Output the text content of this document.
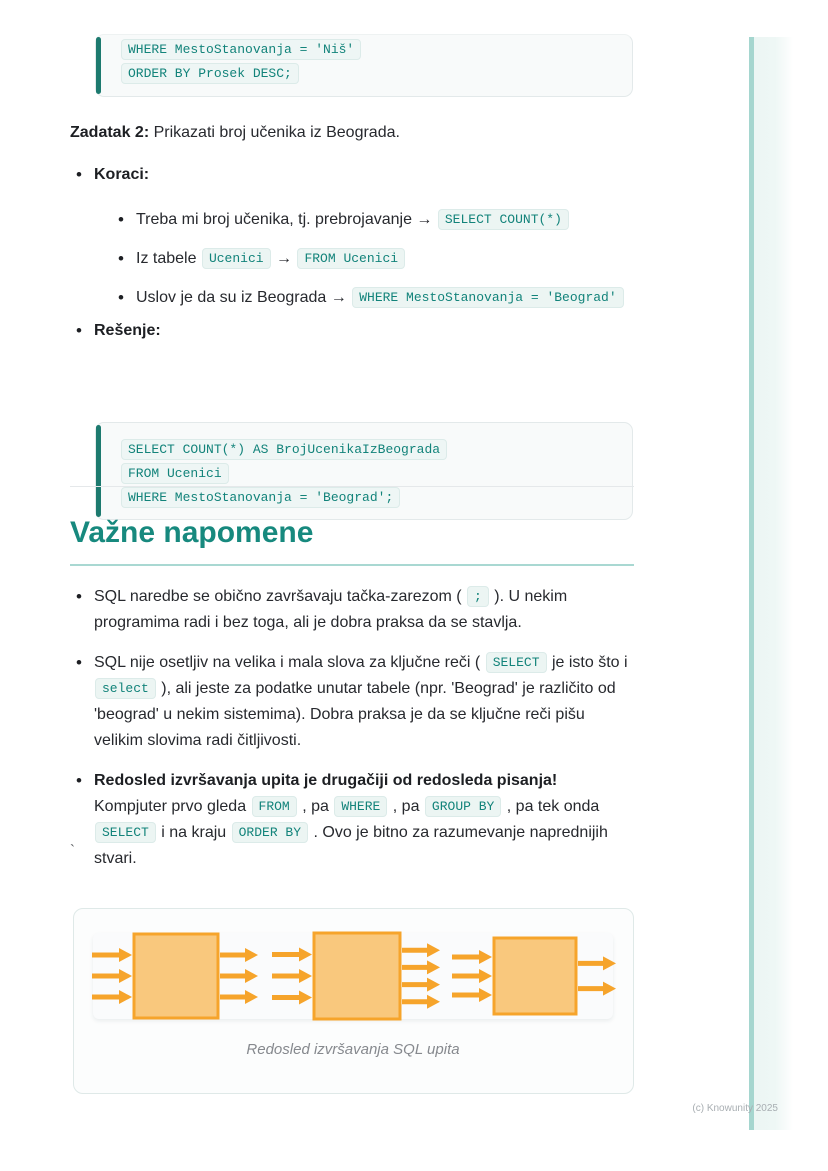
WHERE MestoStanovanja = 'Niš'
ORDER BY Prosek DESC;

Zadatak 2: Prikazati broj učenika iz Beograda.

• Koraci:
• Treba mi broj učenika, tj. prebrojavanje → SELECT COUNT(*)
• Iz tabele Ucenici → FROM Ucenici
• Uslov je da su iz Beograda → WHERE MestoStanovanja = 'Beograd'
• Rešenje:
SELECT COUNT(*) AS BrojUcenikaIzBeograda
FROM Ucenici
WHERE MestoStanovanja = 'Beograd';
Važne napomene
• SQL naredbe se obično završavaju tačka-zarezom ( ; ). U nekim programima radi i bez toga, ali je dobra praksa da se stavlja.
• SQL nije osetljiv na velika i mala slova za ključne reči ( SELECT je isto što i select ), ali jeste za podatke unutar tabele (npr. 'Beograd' je različito od 'beograd' u nekim sistemima). Dobra praksa je da se ključne reči pišu velikim slovima radi čitljivosti.
• Redosled izvršavanja upita je drugačiji od redosleda pisanja! Kompjuter prvo gleda FROM , pa WHERE , pa GROUP BY , pa tek onda SELECT i na kraju ORDER BY . Ovo je bitno za razumevanje naprednijih stvari.

`

Redosled izvršavanja SQL upita
(c) Knowunity 2025
